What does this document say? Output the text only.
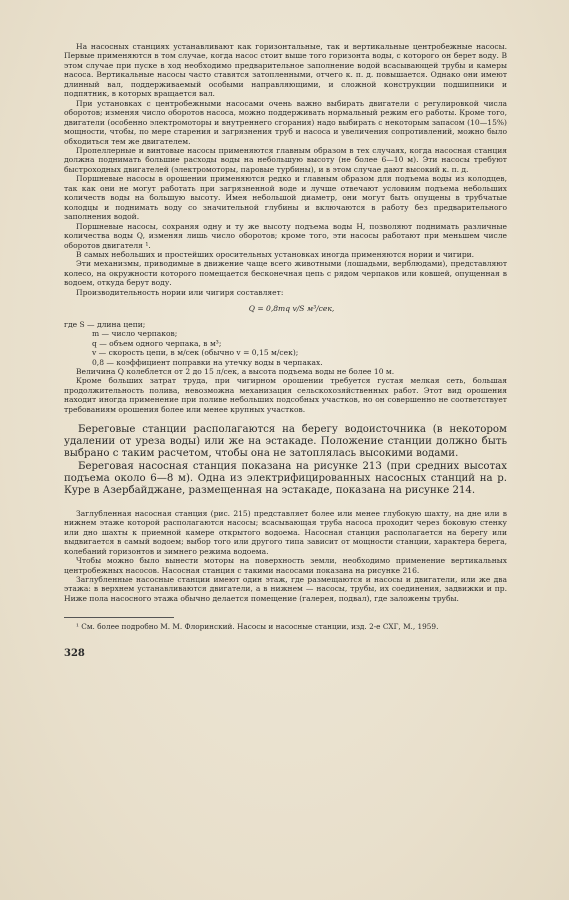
На насосных станциях устанавливают как горизонтальные, так и вертикальные центробежные насосы. Первые применяются в том случае, когда насос стоит выше того горизонта воды, с которого он берет воду. В этом случае при пуске в ход необходимо предварительное заполнение водой всасывающей трубы и камеры насоса. Вертикальные насосы часто ставятся затопленными, отчего к. п. д. повышается. Однако они имеют длинный вал, поддерживаемый особыми направляющими, и сложной конструкции подшипники и подпятник, в которых вращается вал.

При установках с центробежными насосами очень важно выбирать двигатели с регулировкой числа оборотов; изменяя число оборотов насоса, можно поддерживать нормальный режим его работы. Кроме того, двигатели (особенно электромоторы и внутреннего сгорания) надо выбирать с некоторым запасом (10—15%) мощности, чтобы, по мере старения и загрязнения труб и насоса и увеличения сопротивлений, можно было обходиться тем же двигателем.

Пропеллерные и винтовые насосы применяются главным образом в тех случаях, когда насосная станция должна поднимать большие расходы воды на небольшую высоту (не более 6—10 м). Эти насосы требуют быстроходных двигателей (электромоторы, паровые турбины), и в этом случае дают высокий к. п. д.

Поршневые насосы в орошении применяются редко и главным образом для подъема воды из колодцев, так как они не могут работать при загрязненной воде и лучше отвечают условиям подъема небольших количеств воды на большую высоту. Имея небольшой диаметр, они могут быть опущены в трубчатые колодцы и поднимать воду со значительной глубины и включаются в работу без предварительного заполнения водой.

Поршневые насосы, сохраняя одну и ту же высоту подъема воды H, позволяют поднимать различные количества воды Q, изменяя лишь число оборотов; кроме того, эти насосы работают при меньшем числе оборотов двигателя ¹.

В самых небольших и простейших оросительных установках иногда применяются нории и чигири.

Эти механизмы, приводимые в движение чаще всего животными (лошадьми, верблюдами), представляют колесо, на окружности которого помещается бесконечная цепь с рядом черпаков или ковшей, опущенная в водоем, откуда берут воду.

Производительность нории или чигиря составляет:

Q = 0,8mq v/S м³/сек,

где S — длина цепи;

m — число черпаков;
q — объем одного черпака, в м³;
v — скорость цепи, в м/сек (обычно v = 0,15 м/сек);
0,8 — коэффициент поправки на утечку воды в черпаках.

Величина Q колеблется от 2 до 15 л/сек, а высота подъема воды не более 10 м.

Кроме больших затрат труда, при чигирном орошении требуется густая мелкая сеть, большая продолжительность полива, невозможна механизация сельскохозяйственных работ. Этот вид орошения находит иногда применение при поливе небольших подсобных участков, но он совершенно не соответствует требованиям орошения более или менее крупных участков.

Береговые станции располагаются на берегу водоисточника (в некотором удалении от уреза воды) или же на эстакаде. Положение станции должно быть выбрано с таким расчетом, чтобы она не затоплялась высокими водами.

Береговая насосная станция показана на рисунке 213 (при средних высотах подъема около 6—8 м). Одна из электрифицированных насосных станций на р. Куре в Азербайджане, размещенная на эстакаде, показана на рисунке 214.

Заглубленная насосная станция (рис. 215) представляет более или менее глубокую шахту, на дне или в нижнем этаже которой располагаются насосы; всасывающая труба насоса проходит через боковую стенку или дно шахты к приемной камере открытого водоема. Насосная станция располагается на берегу или выдвигается в самый водоем; выбор того или другого типа зависит от мощности станции, характера берега, колебаний горизонтов и зимнего режима водоема.

Чтобы можно было вынести моторы на поверхность земли, необходимо применение вертикальных центробежных насосов. Насосная станция с такими насосами показана на рисунке 216.

Заглубленные насосные станции имеют один этаж, где размещаются и насосы и двигатели, или же два этажа: в верхнем устанавливаются двигатели, а в нижнем — насосы, трубы, их соединения, задвижки и пр. Ниже пола насосного этажа обычно делается помещение (галерея, подвал), где заложены трубы.

¹ См. более подробно М. М. Флоринский. Насосы и насосные станции, изд. 2-е СХГ, М., 1959.

328
